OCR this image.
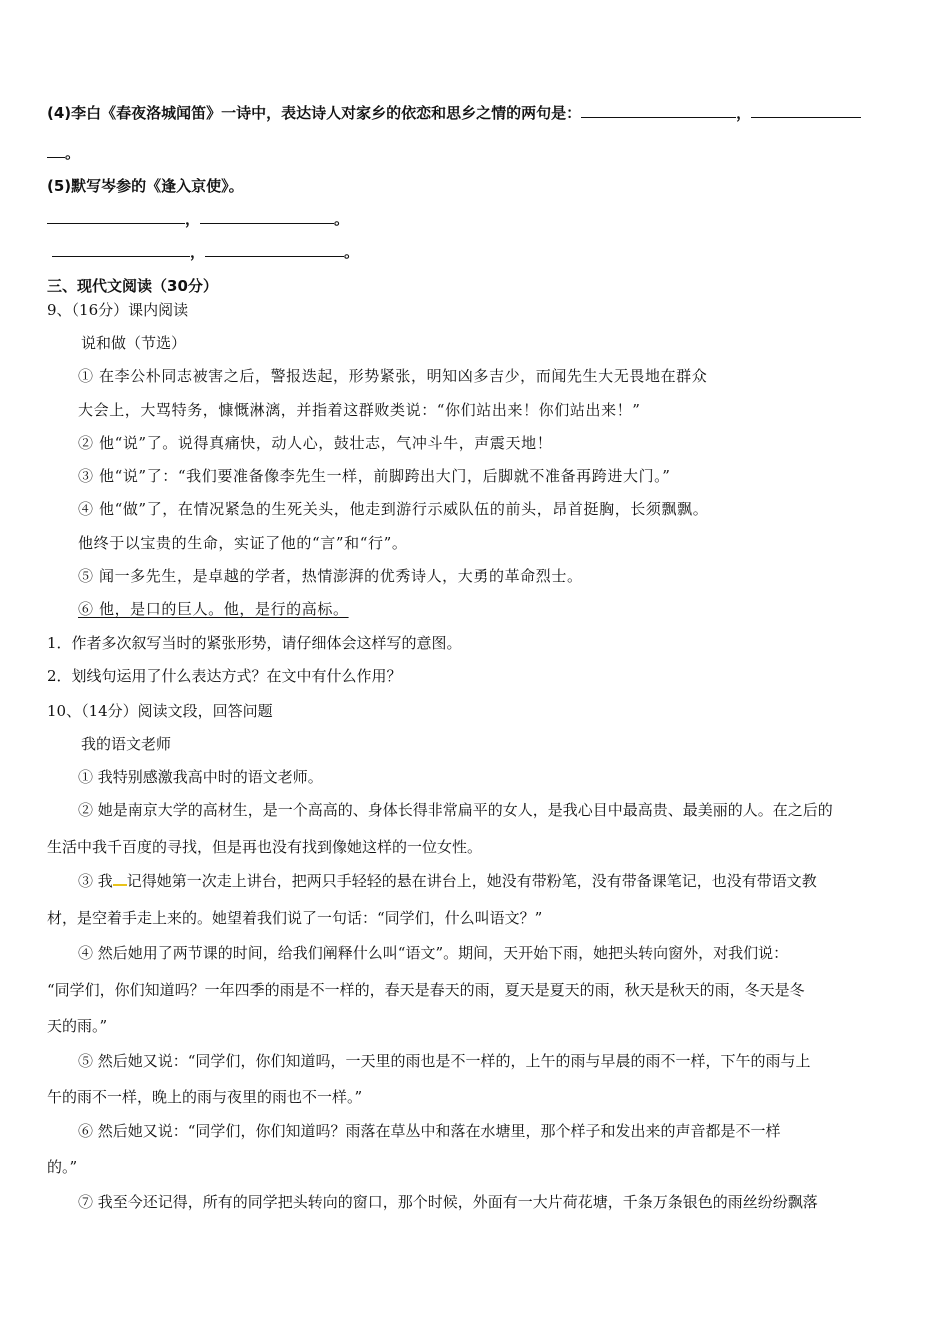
(4)李白《春夜洛城闻笛》一诗中，表达诗人对家乡的依恋和思乡之情的两句是：	，
。
(5)默写岑参的《逢入京使》。
，	。
，	。
三、现代文阅读（30分）
9、（16分）课内阅读
说和做（节选）
① 在李公朴同志被害之后，警报迭起，形势紧张，明知凶多吉少，而闻先生大无畏地在群众
大会上，大骂特务，慷慨淋漓，并指着这群败类说：“你们站出来！你们站出来！”
② 他“说”了。说得真痛快，动人心，鼓壮志，气冲斗牛，声震天地！
③ 他“说”了：“我们要准备像李先生一样，前脚跨出大门，后脚就不准备再跨进大门。”
④ 他“做”了，在情况紧急的生死关头，他走到游行示威队伍的前头，昂首挺胸，长须飘飘。
他终于以宝贵的生命，实证了他的“言”和“行”。
⑤ 闻一多先生，是卓越的学者，热情澎湃的优秀诗人，大勇的革命烈士。
⑥ 他，是口的巨人。他，是行的高标。
1．作者多次叙写当时的紧张形势，请仔细体会这样写的意图。
2．划线句运用了什么表达方式？在文中有什么作用？
10、（14分）阅读文段，回答问题
我的语文老师
① 我特别感激我高中时的语文老师。
② 她是南京大学的高材生，是一个高高的、身体长得非常扁平的女人，是我心目中最高贵、最美丽的人。在之后的
生活中我千百度的寻找，但是再也没有找到像她这样的一位女性。
③ 我 记得她第一次走上讲台，把两只手轻轻的悬在讲台上，她没有带粉笔，没有带备课笔记，也没有带语文教
材，是空着手走上来的。她望着我们说了一句话：“同学们，什么叫语文？”
④ 然后她用了两节课的时间，给我们阐释什么叫“语文”。期间，天开始下雨，她把头转向窗外，对我们说：
“同学们，你们知道吗？一年四季的雨是不一样的，春天是春天的雨，夏天是夏天的雨，秋天是秋天的雨，冬天是冬
天的雨。”
⑤ 然后她又说：“同学们，你们知道吗，一天里的雨也是不一样的，上午的雨与早晨的雨不一样，下午的雨与上
午的雨不一样，晚上的雨与夜里的雨也不一样。”
⑥ 然后她又说：“同学们，你们知道吗？雨落在草丛中和落在水塘里，那个样子和发出来的声音都是不一样
的。”
⑦ 我至今还记得，所有的同学把头转向的窗口，那个时候，外面有一大片荷花塘，千条万条银色的雨丝纷纷飘落
